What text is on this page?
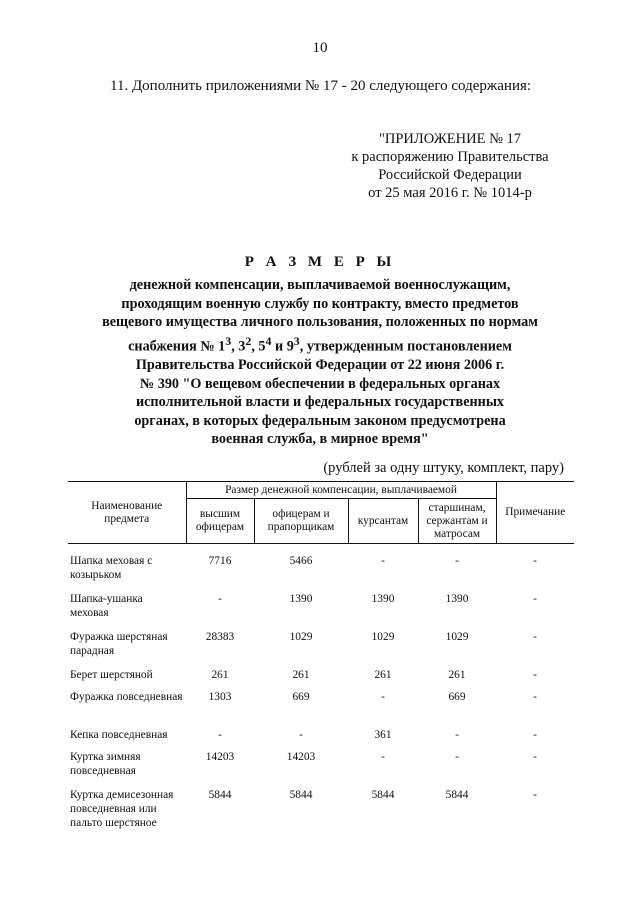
10
11. Дополнить приложениями № 17 - 20 следующего содержания:
"ПРИЛОЖЕНИЕ № 17
к распоряжению Правительства
Российской Федерации
от 25 мая 2016 г. № 1014-р
Р А З М Е Р Ы
денежной компенсации, выплачиваемой военнослужащим,
проходящим военную службу по контракту, вместо предметов
вещевого имущества личного пользования, положенных по нормам
снабжения № $1^3$, $3^2$, $5^4$ и $9^3$, утвержденным постановлением
Правительства Российской Федерации от 22 июня 2006 г.
№ 390 "О вещевом обеспечении в федеральных органах
исполнительной власти и федеральных государственных
органах, в которых федеральным законом предусмотрена
военная служба, в мирное время"
(рублей за одну штуку, комплект, пару)
Наименование предмета	Размер денежной компенсации, выплачиваемой				Примечание
	высшим офицерам	офицерам и прапорщикам	курсантам	старшинам, сержантам и матросам	

Шапка меховая с козырьком	7716	5466	-	-	-
Шапка-ушанка меховая	-	1390	1390	1390	-
Фуражка шерстяная парадная	28383	1029	1029	1029	-
Берет шерстяной	261	261	261	261	-
Фуражка повседневная	1303	669	-	669	-
Кепка повседневная	-	-	361	-	-
Куртка зимняя повседневная	14203	14203	-	-	-
Куртка демисезонная повседневная или пальто шерстяное	5844	5844	5844	5844	-
